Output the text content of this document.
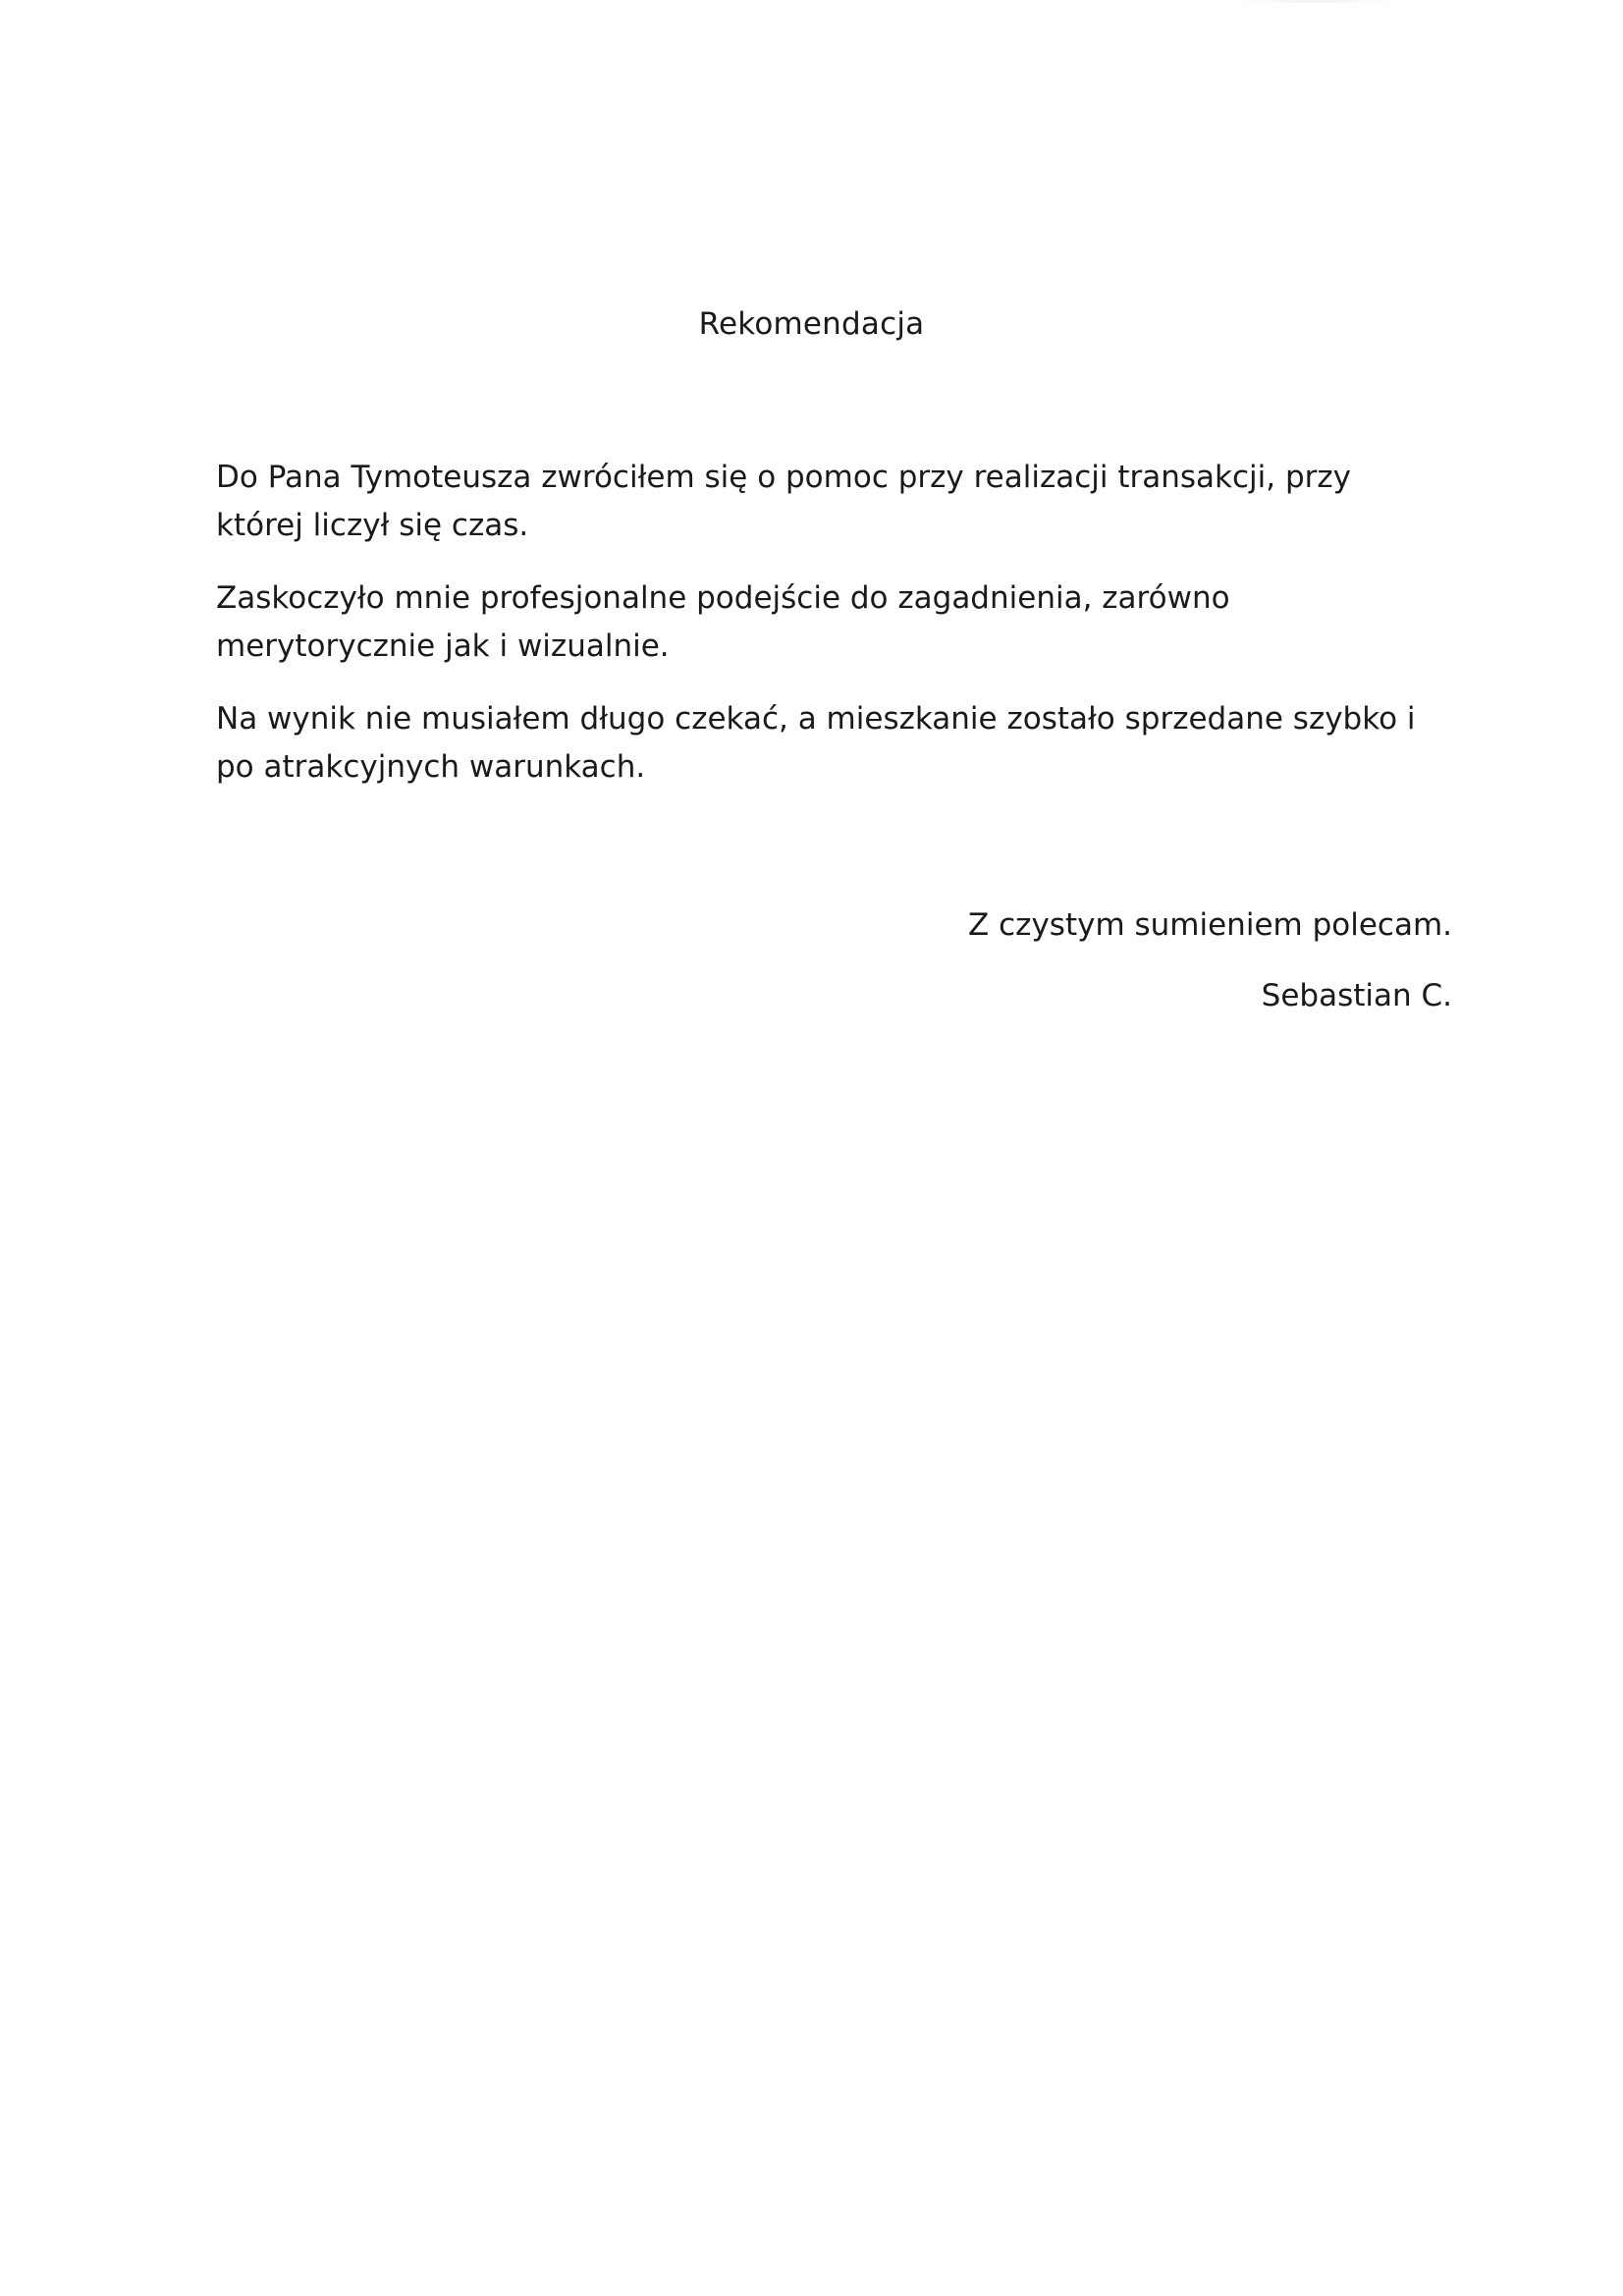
Rekomendacja

Do Pana Tymoteusza zwróciłem się o pomoc przy realizacji transakcji, przy
której liczył się czas.

Zaskoczyło mnie profesjonalne podejście do zagadnienia, zarówno
merytorycznie jak i wizualnie.

Na wynik nie musiałem długo czekać, a mieszkanie zostało sprzedane szybko i
po atrakcyjnych warunkach.

Z czystym sumieniem polecam.
Sebastian C.
